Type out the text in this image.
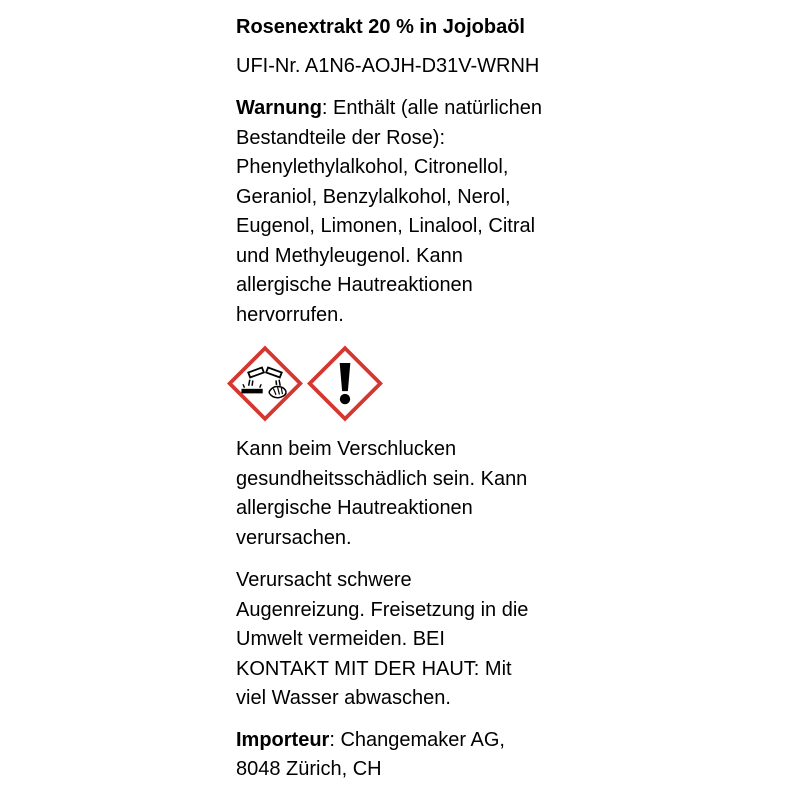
Rosenextrakt 20 % in Jojobaöl

UFI-Nr. A1N6-AOJH-D31V-WRNH

Warnung: Enthält (alle natürlichen
Bestandteile der Rose):
Phenylethylalkohol, Citronellol,
Geraniol, Benzylalkohol, Nerol,
Eugenol, Limonen, Linalool, Citral
und Methyleugenol. Kann
allergische Hautreaktionen
hervorrufen.

Kann beim Verschlucken
gesundheitsschädlich sein. Kann
allergische Hautreaktionen
verursachen.

Verursacht schwere
Augenreizung. Freisetzung in die
Umwelt vermeiden. BEI
KONTAKT MIT DER HAUT: Mit
viel Wasser abwaschen.

Importeur: Changemaker AG,
8048 Zürich, CH
